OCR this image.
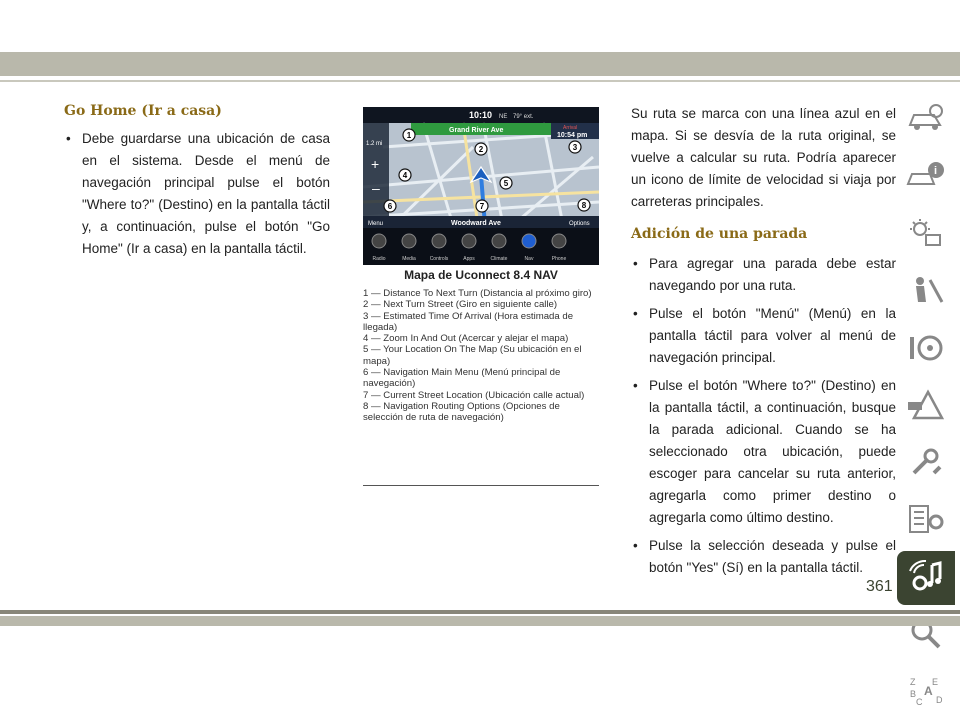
Go Home (Ir a casa)

• Debe guardarse una ubicación de casa en el sistema. Desde el menú de navegación principal pulse el botón "Where to?" (Destino) en la pantalla táctil y, a continuación, pulse el botón "Go Home" (Ir a casa) en la pantalla táctil.

10:10 NE 79° ext.
Grand River Ave	Arrival
10:54 pm
1.2 mi
+
–
Menu	Woodward Ave	Options
Radio	Media	Controls	Apps	Climate	Nav	Phone
1
2	3
4
5
6	7	8
Mapa de Uconnect 8.4 NAV
1 — Distance To Next Turn (Distancia al próximo giro)
2 — Next Turn Street (Giro en siguiente calle)
3 — Estimated Time Of Arrival (Hora estimada de llegada)
4 — Zoom In And Out (Acercar y alejar el mapa)
5 — Your Location On The Map (Su ubicación en el mapa)
6 — Navigation Main Menu (Menú principal de navegación)
7 — Current Street Location (Ubicación calle actual)
8 — Navigation Routing Options (Opciones de selección de ruta de navegación)

Su ruta se marca con una línea azul en el mapa. Si se desvía de la ruta original, se vuelve a calcular su ruta. Podría aparecer un icono de límite de velocidad si viaja por carreteras principales.

Adición de una parada

• Para agregar una parada debe estar navegando por una ruta.

• Pulse el botón "Menú" (Menú) en la pantalla táctil para volver al menú de navegación principal.

• Pulse el botón "Where to?" (Destino) en la pantalla táctil, a continuación, busque la parada adicional. Cuando se ha seleccionado otra ubicación, puede escoger para cancelar su ruta anterior, agregarla como primer destino o agregarla como último destino.

• Pulse la selección deseada y pulse el botón "Yes" (Sí) en la pantalla táctil.

i
Z E
B A
C D
361
